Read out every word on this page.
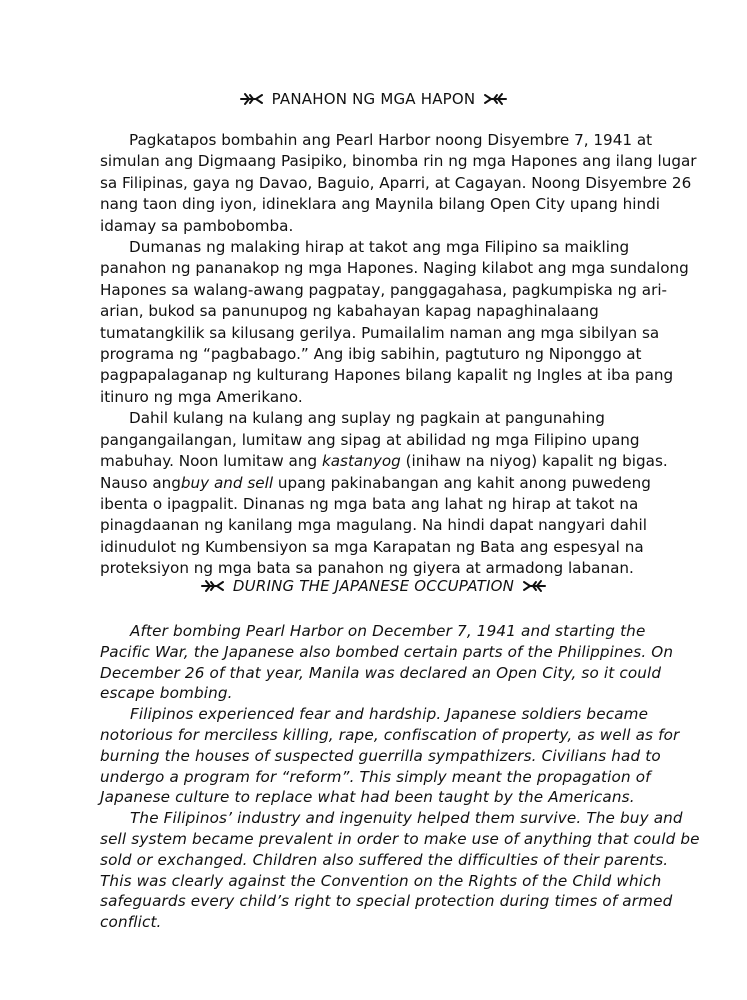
PANAHON NG MGA HAPON

Pagkatapos bombahin ang Pearl Harbor noong Disyembre 7, 1941 at simulan ang Digmaang Pasipiko, binomba rin ng mga Hapones ang ilang lugar sa Filipinas, gaya ng Davao, Baguio, Aparri, at Cagayan. Noong Disyembre 26 nang taon ding iyon, idineklara ang Maynila bilang Open City upang hindi idamay sa pambobomba.

Dumanas ng malaking hirap at takot ang mga Filipino sa maikling panahon ng pananakop ng mga Hapones. Naging kilabot ang mga sundalong Hapones sa walang-awang pagpatay, panggagahasa, pagkumpiska ng ari-arian, bukod sa panunupog ng kabahayan kapag napaghinalaang tumatangkilik sa kilusang gerilya. Pumailalim naman ang mga sibilyan sa programa ng “pagbabago.” Ang ibig sabihin, pagtuturo ng Niponggo at pagpapalaganap ng kulturang Hapones bilang kapalit ng Ingles at iba pang itinuro ng mga Amerikano.

Dahil kulang na kulang ang suplay ng pagkain at pangunahing pangangailangan, lumitaw ang sipag at abilidad ng mga Filipino upang mabuhay. Noon lumitaw ang kastanyog (inihaw na niyog) kapalit ng bigas. Nauso angbuy and sell upang pakinabangan ang kahit anong puwedeng ibenta o ipagpalit. Dinanas ng mga bata ang lahat ng hirap at takot na pinagdaanan ng kanilang mga magulang. Na hindi dapat nangyari dahil idinudulot ng Kumbensiyon sa mga Karapatan ng Bata ang espesyal na proteksiyon ng mga bata sa panahon ng giyera at armadong labanan.

DURING THE JAPANESE OCCUPATION

After bombing Pearl Harbor on December 7, 1941 and starting the Pacific War, the Japanese also bombed certain parts of the Philippines. On December 26 of that year, Manila was declared an Open City, so it could escape bombing.

Filipinos experienced fear and hardship. Japanese soldiers became notorious for merciless killing, rape, confiscation of property, as well as for burning the houses of suspected guerrilla sympathizers. Civilians had to undergo a program for “reform”. This simply meant the propagation of Japanese culture to replace what had been taught by the Americans.

The Filipinos’ industry and ingenuity helped them survive. The buy and sell system became prevalent in order to make use of anything that could be sold or exchanged. Children also suffered the difficulties of their parents. This was clearly against the Convention on the Rights of the Child which safeguards every child’s right to special protection during times of armed conflict.
